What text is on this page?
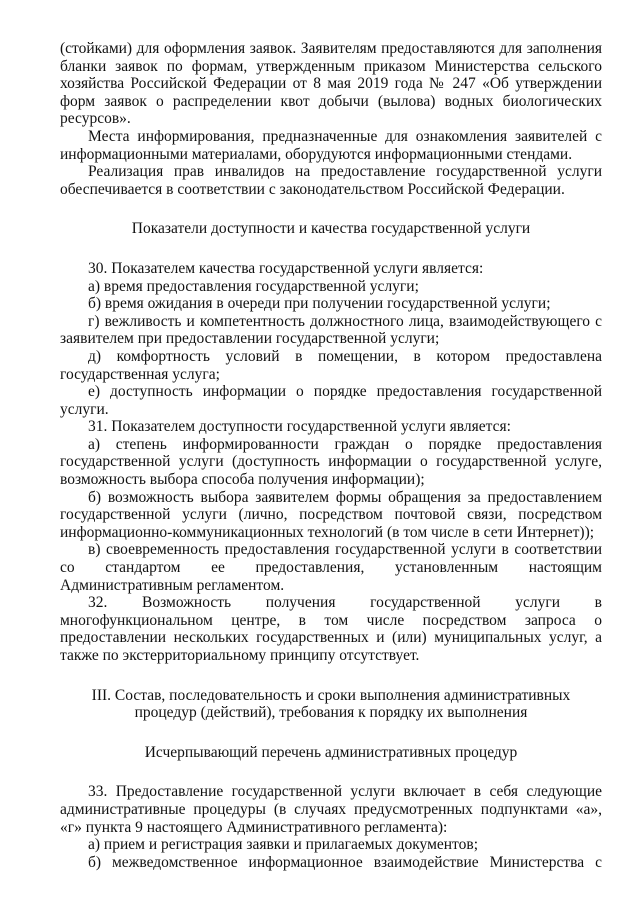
(стойками) для оформления заявок. Заявителям предоставляются для заполнения бланки заявок по формам, утвержденным приказом Министерства сельского хозяйства Российской Федерации от 8 мая 2019 года № 247 «Об утверждении форм заявок о распределении квот добычи (вылова) водных биологических ресурсов».

Места информирования, предназначенные для ознакомления заявителей с информационными материалами, оборудуются информационными стендами.

Реализация прав инвалидов на предоставление государственной услуги обеспечивается в соответствии с законодательством Российской Федерации.

Показатели доступности и качества государственной услуги

30. Показателем качества государственной услуги является:

а) время предоставления государственной услуги;

б) время ожидания в очереди при получении государственной услуги;

г) вежливость и компетентность должностного лица, взаимодействующего с заявителем при предоставлении государственной услуги;

д) комфортность условий в помещении, в котором предоставлена государственная услуга;

е) доступность информации о порядке предоставления государственной услуги.

31. Показателем доступности государственной услуги является:

а) степень информированности граждан о порядке предоставления государственной услуги (доступность информации о государственной услуге, возможность выбора способа получения информации);

б) возможность выбора заявителем формы обращения за предоставлением государственной услуги (лично, посредством почтовой связи, посредством информационно-коммуникационных технологий (в том числе в сети Интернет));

в) своевременность предоставления государственной услуги в соответствии со стандартом ее предоставления, установленным настоящим Административным регламентом.

32. Возможность получения государственной услуги в многофункциональном центре, в том числе посредством запроса о предоставлении нескольких государственных и (или) муниципальных услуг, а также по экстерриториальному принципу отсутствует.

III. Состав, последовательность и сроки выполнения административных процедур (действий), требования к порядку их выполнения

Исчерпывающий перечень административных процедур

33. Предоставление государственной услуги включает в себя следующие административные процедуры (в случаях предусмотренных подпунктами «а», «г» пункта 9 настоящего Административного регламента):

а) прием и регистрация заявки и прилагаемых документов;

б) межведомственное информационное взаимодействие Министерства с
